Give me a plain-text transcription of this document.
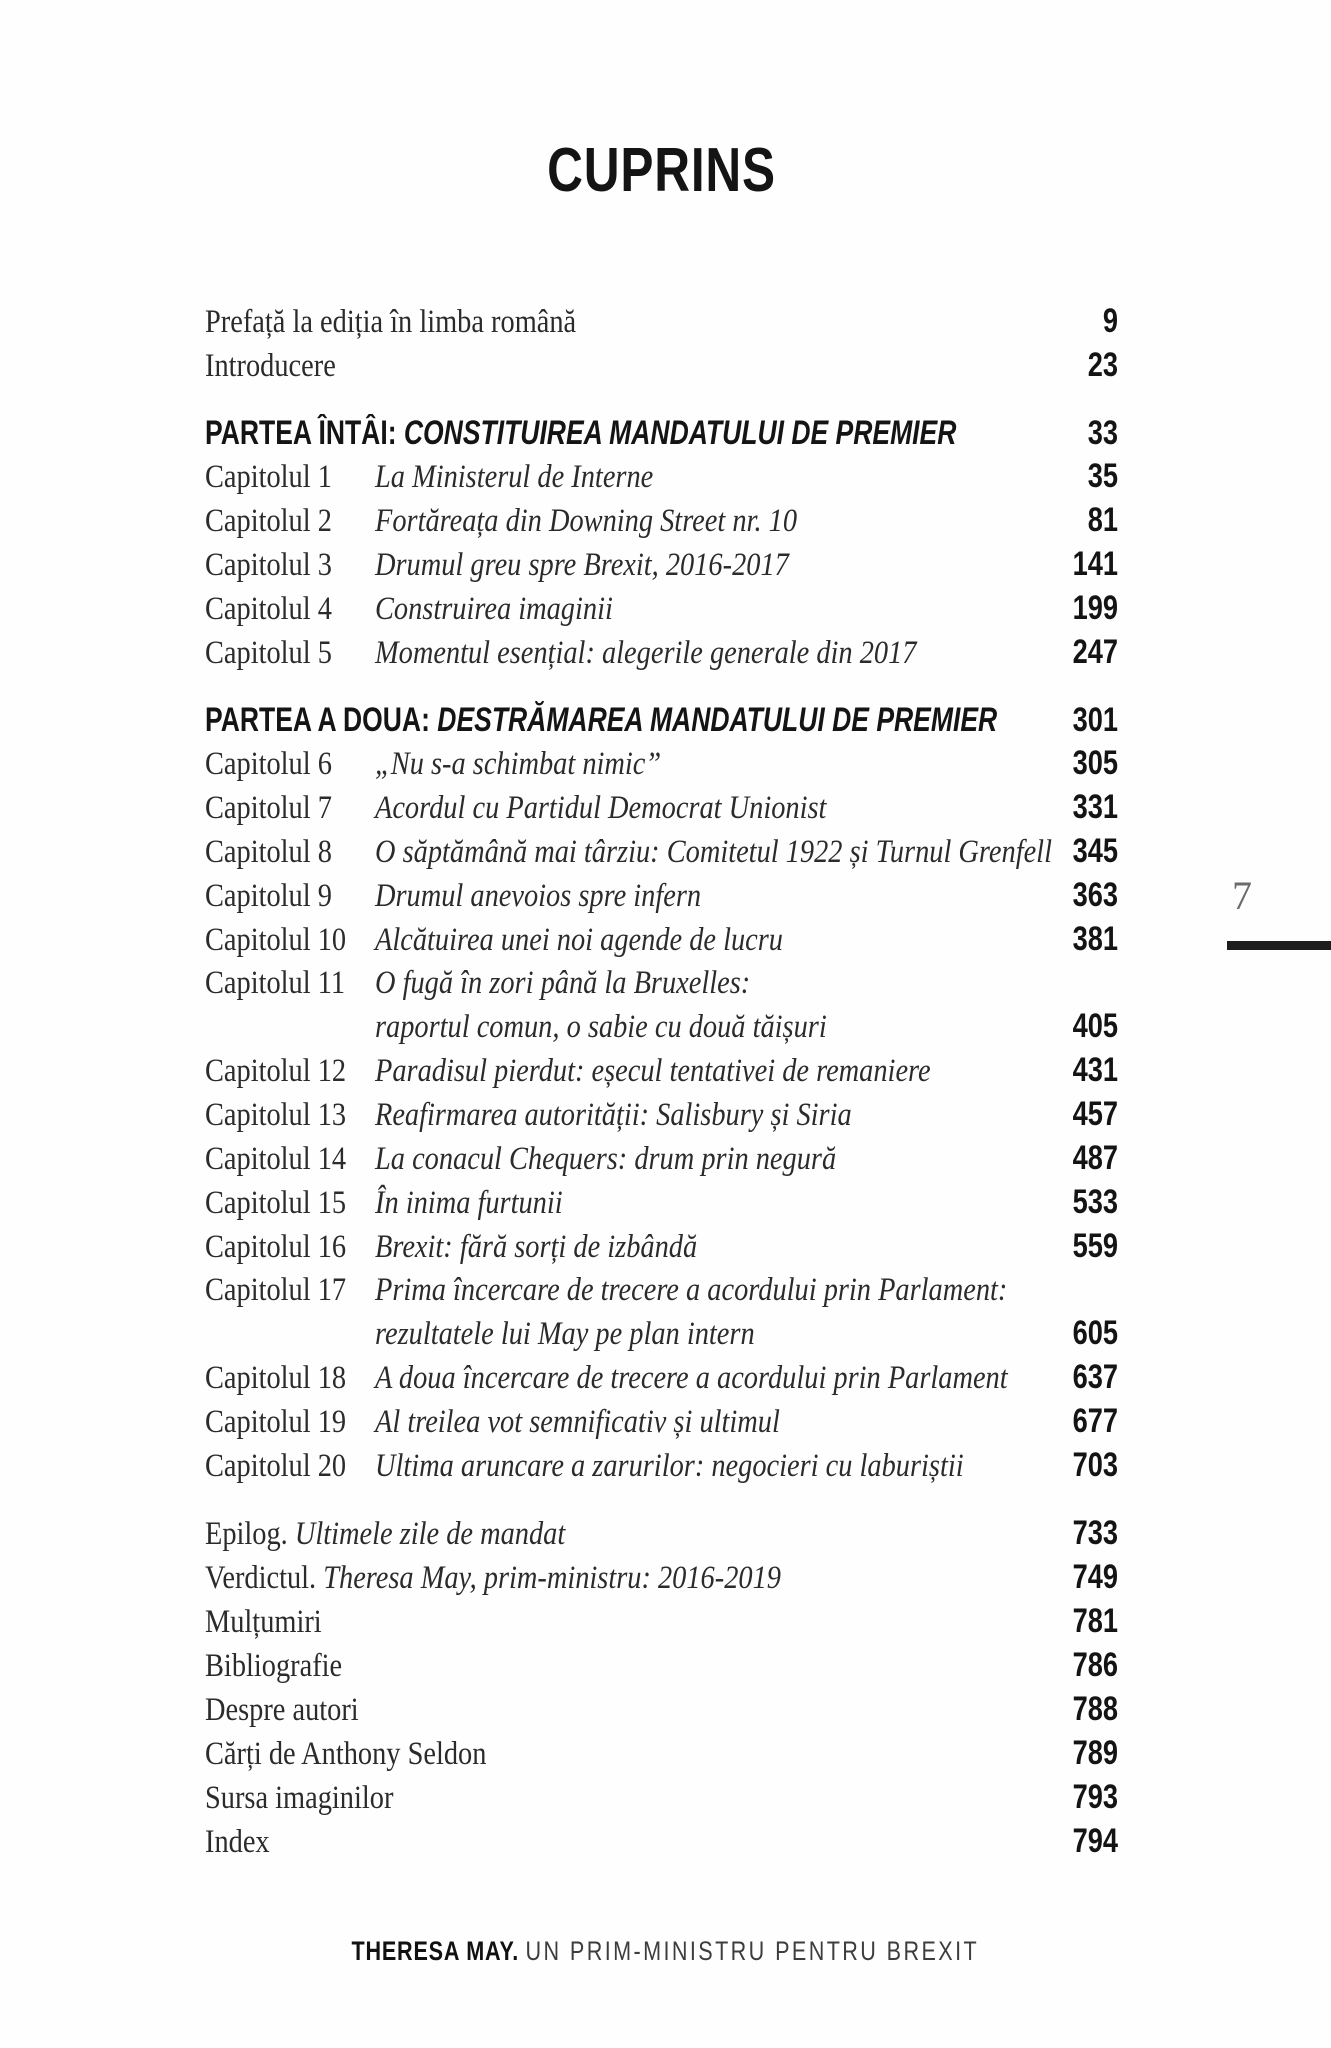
CUPRINS
Prefață la ediția în limba română	9
Introducere	23
PARTEA ÎNTÂI: CONSTITUIREA MANDATULUI DE PREMIER	33
Capitolul 1	La Ministerul de Interne	35
Capitolul 2	Fortăreața din Downing Street nr. 10	81
Capitolul 3	Drumul greu spre Brexit, 2016-2017	141
Capitolul 4	Construirea imaginii	199
Capitolul 5	Momentul esențial: alegerile generale din 2017	247
PARTEA A DOUA: DESTRĂMAREA MANDATULUI DE PREMIER	301
Capitolul 6	„Nu s-a schimbat nimic”	305
Capitolul 7	Acordul cu Partidul Democrat Unionist	331
Capitolul 8	O săptămână mai târziu: Comitetul 1922 și Turnul Grenfell 345
Capitolul 9	Drumul anevoios spre infern	363
Capitolul 10 Alcătuirea unei noi agende de lucru	381
Capitolul 11 O fugă în zori până la Bruxelles:
raportul comun, o sabie cu două tăișuri	405
Capitolul 12 Paradisul pierdut: eșecul tentativei de remaniere	431
Capitolul 13 Reafirmarea autorității: Salisbury și Siria	457
Capitolul 14 La conacul Chequers: drum prin negură	487
Capitolul 15 În inima furtunii	533
Capitolul 16 Brexit: fără sorți de izbândă	559
Capitolul 17 Prima încercare de trecere a acordului prin Parlament:
rezultatele lui May pe plan intern	605
Capitolul 18 A doua încercare de trecere a acordului prin Parlament	637
Capitolul 19 Al treilea vot semnificativ și ultimul	677
Capitolul 20 Ultima aruncare a zarurilor: negocieri cu laburiștii	703
Epilog. Ultimele zile de mandat	733
Verdictul. Theresa May, prim-ministru: 2016-2019	749
Mulțumiri	781
Bibliografie	786
Despre autori	788
Cărți de Anthony Seldon	789
Sursa imaginilor	793
Index	794
7
THERESA MAY. UN PRIM-MINISTRU PENTRU BREXIT
